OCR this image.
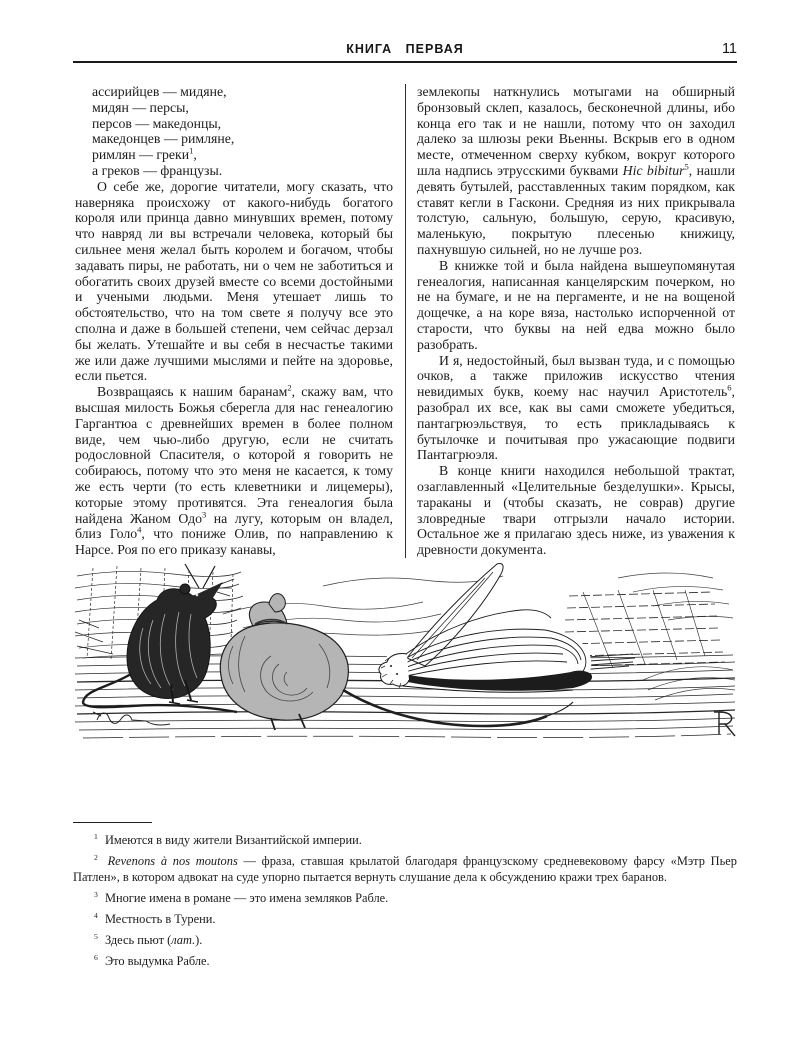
КНИГА ПЕРВАЯ	11
ассирийцев — мидяне,
мидян — персы,
персов — македонцы,
македонцев — римляне,
римлян — греки$^1$,
а греков — французы.

О себе же, дорогие читатели, могу сказать, что наверняка происхожу от какого-нибудь богатого короля или принца давно минувших времен, потому что навряд ли вы встречали человека, который бы сильнее меня желал быть королем и богачом, чтобы задавать пиры, не работать, ни о чем не заботиться и обогатить своих друзей вместе со всеми достойными и учеными людьми. Меня утешает лишь то обстоятельство, что на том свете я получу все это сполна и даже в большей степени, чем сейчас дерзал бы желать. Утешайте и вы себя в несчастье такими же или даже лучшими мыслями и пейте на здоровье, если пьется.

Возвращаясь к нашим баранам$^2$, скажу вам, что высшая милость Божья сберегла для нас генеалогию Гаргантюа с древнейших времен в более полном виде, чем чью-либо другую, если не считать родословной Спасителя, о которой я говорить не собираюсь, потому что это меня не касается, к тому же есть черти (то есть клеветники и лицемеры), которые этому противятся. Эта генеалогия была найдена Жаном Одо$^3$ на лугу, которым он владел, близ Голо$^4$, что пониже Олив, по направлению к Нарсе. Роя по его приказу канавы,

землекопы наткнулись мотыгами на обширный бронзовый склеп, казалось, бесконечной длины, ибо конца его так и не нашли, потому что он заходил далеко за шлюзы реки Вьенны. Вскрыв его в одном месте, отмеченном сверху кубком, вокруг которого шла надпись этрусскими буквами Hic bibitur$^5$, нашли девять бутылей, расставленных таким порядком, как ставят кегли в Гаскони. Средняя из них прикрывала толстую, сальную, большую, серую, красивую, маленькую, покрытую плесенью книжицу, пахнувшую сильней, но не лучше роз.

В книжке той и была найдена вышеупомянутая генеалогия, написанная канцелярским почерком, но не на бумаге, и не на пергаменте, и не на вощеной дощечке, а на коре вяза, настолько испорченной от старости, что буквы на ней едва можно было разобрать.

И я, недостойный, был вызван туда, и с помощью очков, а также приложив искусство чтения невидимых букв, коему нас научил Аристотель$^6$, разобрал их все, как вы сами сможете убедиться, пантагрюэльствуя, то есть прикладываясь к бутылочке и почитывая про ужасающие подвиги Пантагрюэля.

В конце книги находился небольшой трактат, озаглавленный «Целительные безделушки». Крысы, тараканы и (чтобы сказать, не соврав) другие зловредные твари отгрызли начало истории. Остальное же я прилагаю здесь ниже, из уважения к древности документа.

$^1$ Имеются в виду жители Византийской империи.

$^2$ Revenons à nos moutons — фраза, ставшая крылатой благодаря французскому средневековому фарсу «Мэтр Пьер Патлен», в котором адвокат на суде упорно пытается вернуть слушание дела к обсуждению кражи трех баранов.

$^3$ Многие имена в романе — это имена земляков Рабле.

$^4$ Местность в Турени.

$^5$ Здесь пьют (лат.).

$^6$ Это выдумка Рабле.
